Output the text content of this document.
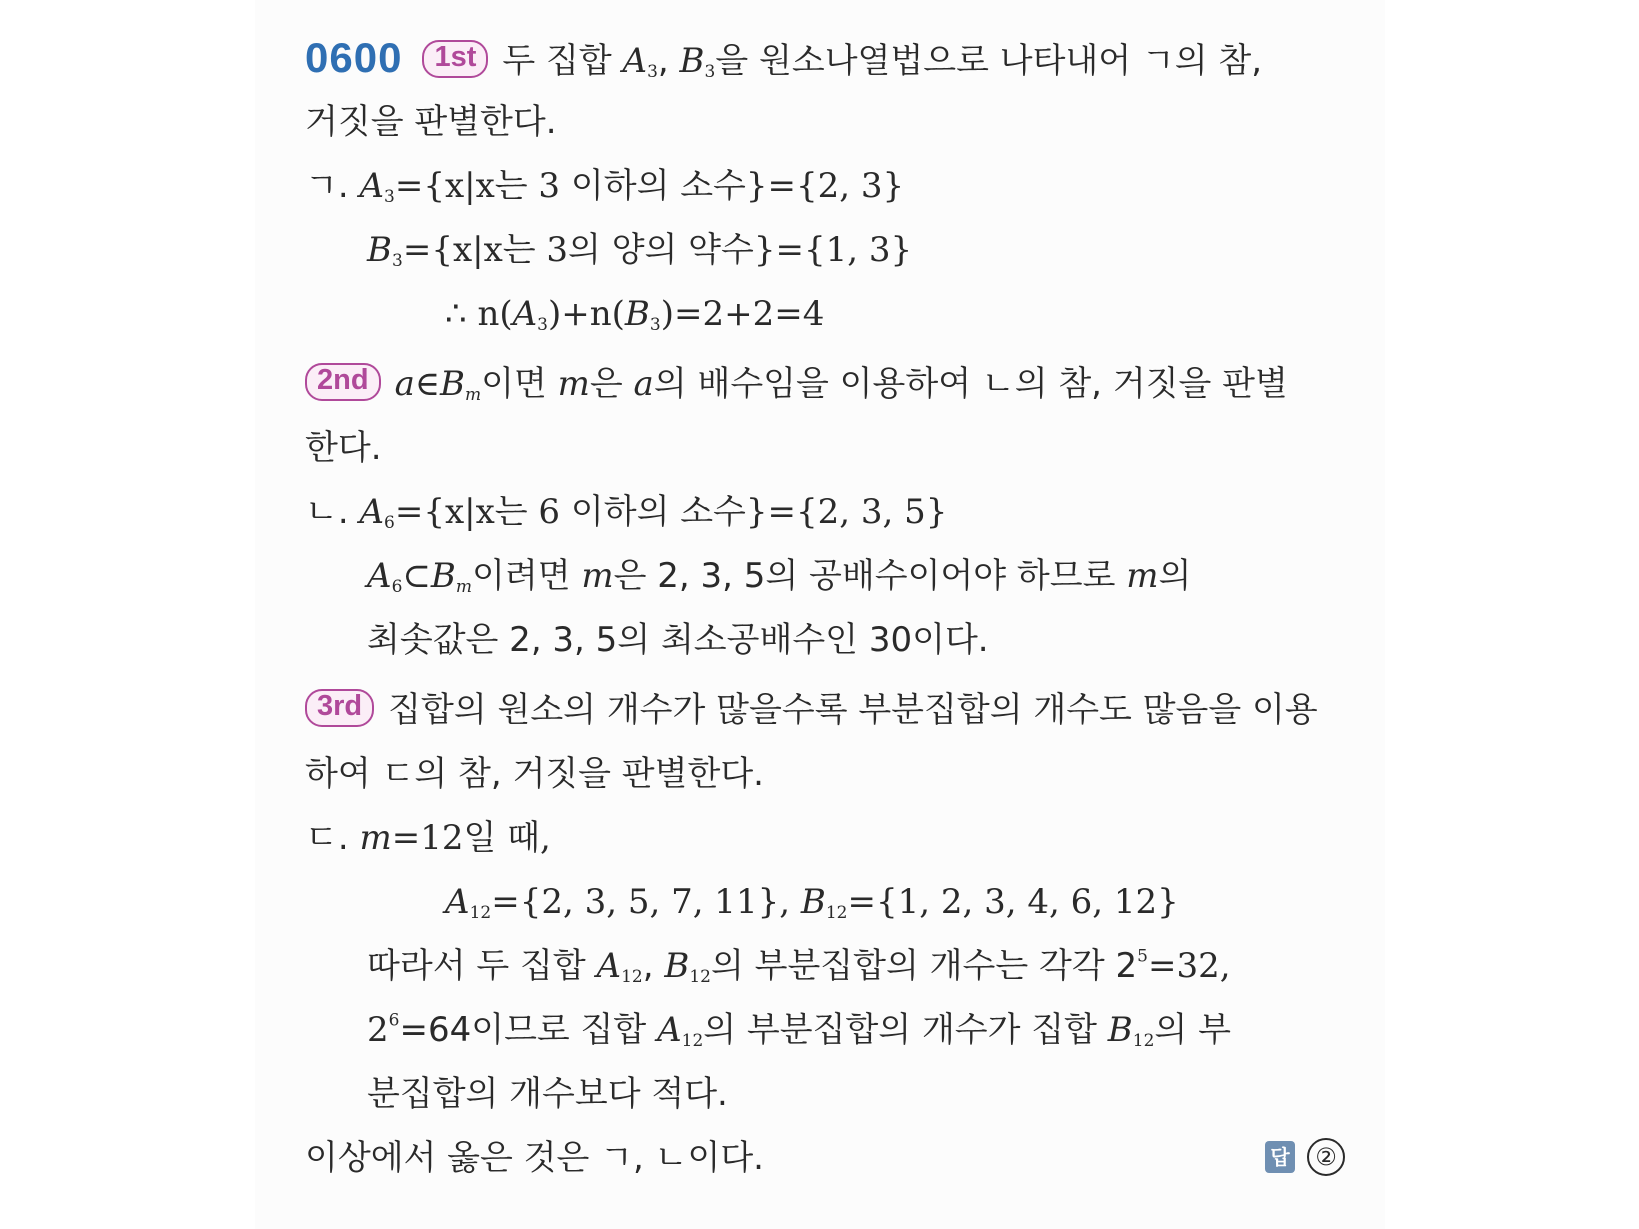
0600 1st 두 집합 $A_3$, $B_3$을 원소나열법으로 나타내어 ㄱ의 참,
거짓을 판별한다.
ㄱ. $A_3=\{x|x$는 3 이하의 소수}={2, 3}
$B_3=\{x|x$는 3의 양의 약수}={1, 3}
∴ $n(A_3)+n(B_3)=2+2=4$
2nd $a\in B_m$이면 m은 a의 배수임을 이용하여 ㄴ의 참, 거짓을 판별
한다.
ㄴ. $A_6=\{x|x$는 6 이하의 소수}={2, 3, 5}
$A_6\subset B_m$이려면 m은 2, 3, 5의 공배수이어야 하므로 m의
최솟값은 2, 3, 5의 최소공배수인 30이다.
3rd 집합의 원소의 개수가 많을수록 부분집합의 개수도 많음을 이용
하여 ㄷ의 참, 거짓을 판별한다.
ㄷ. m=12일 때,
$A_{12}=\{2$, 3, 5, 7, 11}, $B_{12}=\{1$, 2, 3, 4, 6, 12}
따라서 두 집합 $A_{12}$, $B_{12}$의 부분집합의 개수는 각각 $2^5=32$,
$2^6=64$이므로 집합 $A_{12}$의 부분집합의 개수가 집합 $B_{12}$의 부
분집합의 개수보다 적다.
이상에서 옳은 것은 ㄱ, ㄴ이다.	답	②
